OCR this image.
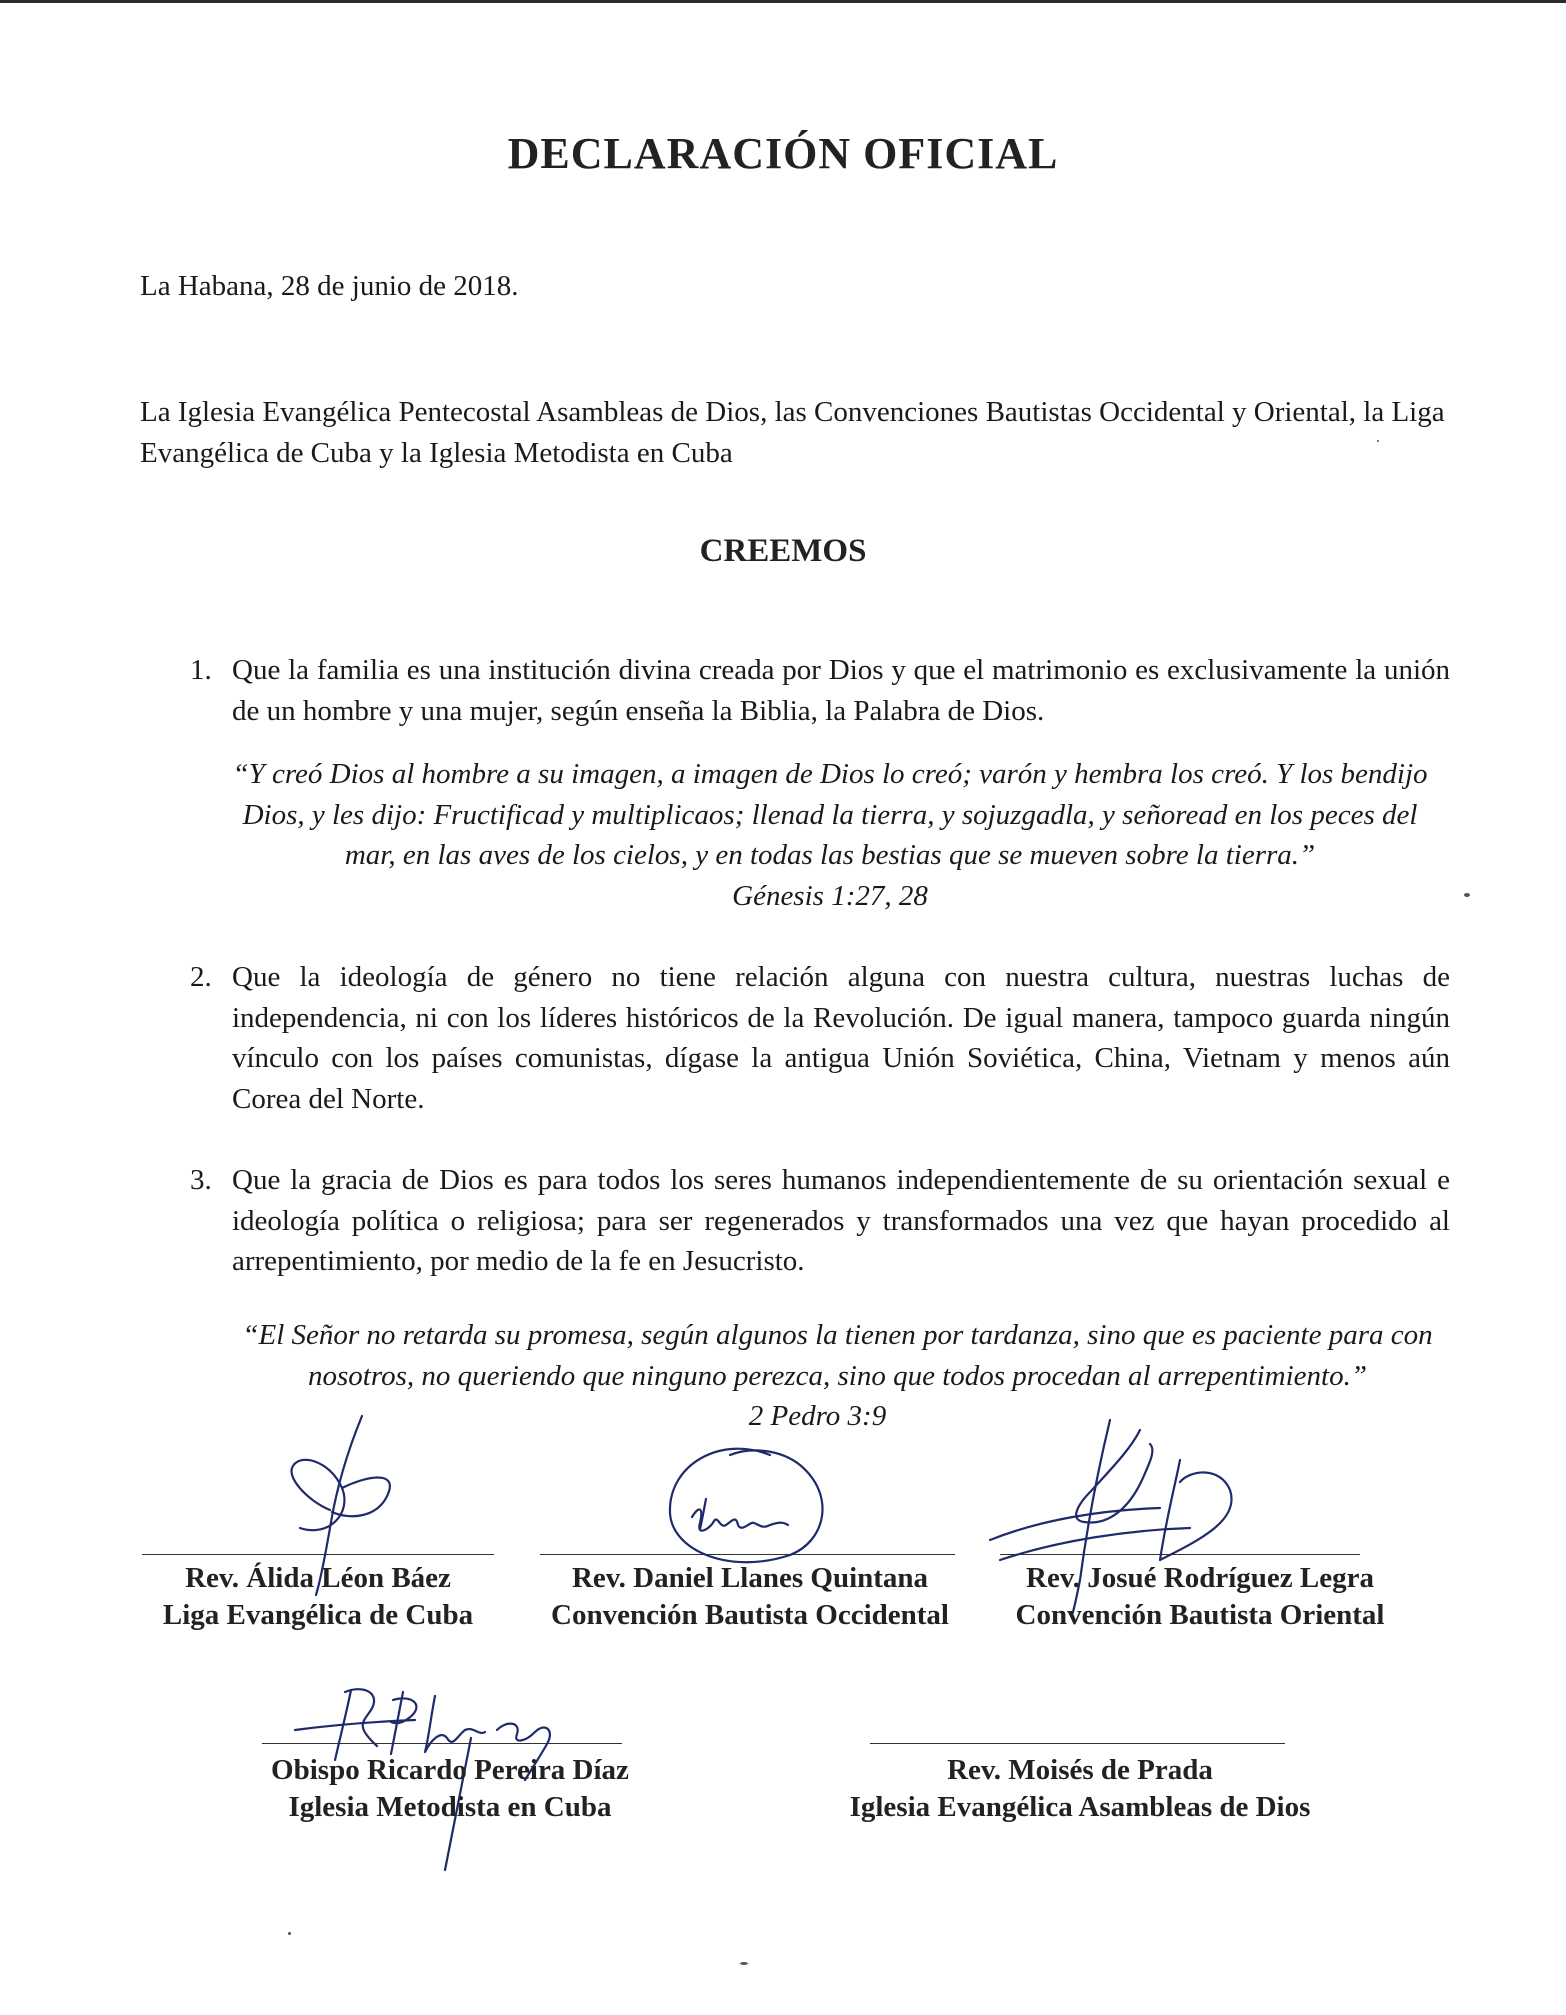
DECLARACIÓN OFICIAL
La Habana, 28 de junio de 2018.
La Iglesia Evangélica Pentecostal Asambleas de Dios, las Convenciones Bautistas Occidental y Oriental, la Liga Evangélica de Cuba y la Iglesia Metodista en Cuba
CREEMOS
1. Que la familia es una institución divina creada por Dios y que el matrimonio es exclusivamente la unión de un hombre y una mujer, según enseña la Biblia, la Palabra de Dios.
“Y creó Dios al hombre a su imagen, a imagen de Dios lo creó; varón y hembra los creó. Y los bendijo Dios, y les dijo: Fructificad y multiplicaos; llenad la tierra, y sojuzgadla, y señoread en los peces del mar, en las aves de los cielos, y en todas las bestias que se mueven sobre la tierra.”
Génesis 1:27, 28
2. Que la ideología de género no tiene relación alguna con nuestra cultura, nuestras luchas de independencia, ni con los líderes históricos de la Revolución. De igual manera, tampoco guarda ningún vínculo con los países comunistas, dígase la antigua Unión Soviética, China, Vietnam y menos aún Corea del Norte.
3. Que la gracia de Dios es para todos los seres humanos independientemente de su orientación sexual e ideología política o religiosa; para ser regenerados y transformados una vez que hayan procedido al arrepentimiento, por medio de la fe en Jesucristo.
“El Señor no retarda su promesa, según algunos la tienen por tardanza, sino que es paciente para con nosotros, no queriendo que ninguno perezca, sino que todos procedan al arrepentimiento.”
2 Pedro 3:9
Rev. Álida Léon Báez
Liga Evangélica de Cuba
Rev. Daniel Llanes Quintana
Convención Bautista Occidental
Rev. Josué Rodríguez Legra
Convención Bautista Oriental
Obispo Ricardo Pereira Díaz
Iglesia Metodista en Cuba
Rev. Moisés de Prada
Iglesia Evangélica Asambleas de Dios
